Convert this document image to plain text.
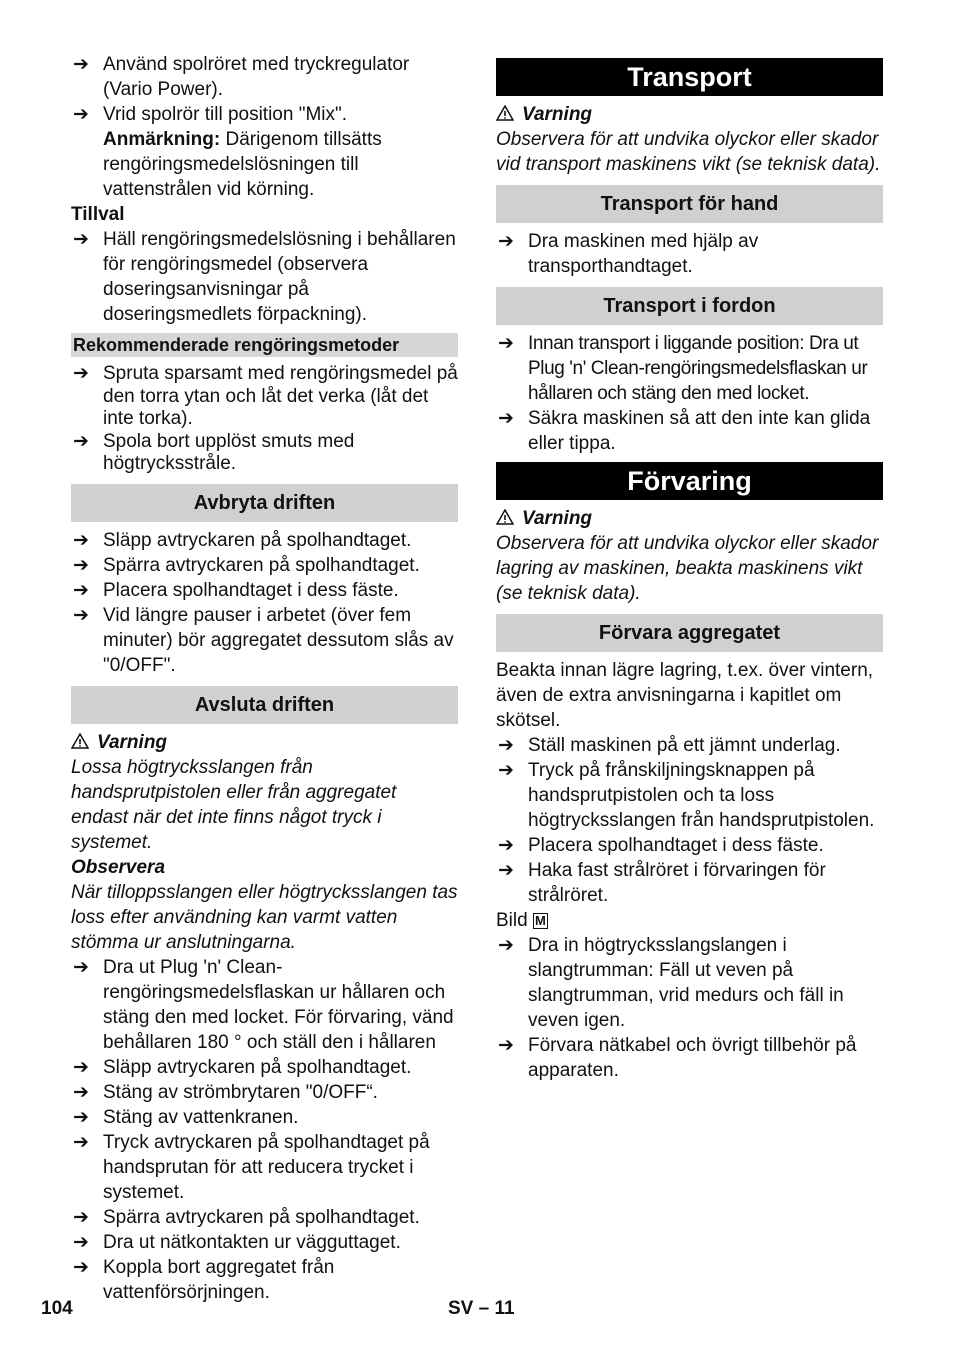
➔ Använd spolröret med tryckregulator (Vario Power).
➔ Vrid spolrör till position "Mix".
Anmärkning: Därigenom tillsätts rengöringsmedelslösningen till vattenstrålen vid körning.
Tillval
➔ Häll rengöringsmedelslösning i behållaren för rengöringsmedel (observera doseringsanvisningar på doseringsmedlets förpackning).
Rekommenderade rengöringsmetoder
➔ Spruta sparsamt med rengöringsmedel på den torra ytan och låt det verka (låt det inte torka).
➔ Spola bort upplöst smuts med högtrycksstråle.
Avbryta driften
➔ Släpp avtryckaren på spolhandtaget.
➔ Spärra avtryckaren på spolhandtaget.
➔ Placera spolhandtaget i dess fäste.
➔ Vid längre pauser i arbetet (över fem minuter) bör aggregatet dessutom slås av "0/OFF".
Avsluta driften
Varning
Lossa högtrycksslangen från handsprutpistolen eller från aggregatet endast när det inte finns något tryck i systemet.
Observera
När tilloppsslangen eller högtrycksslangen tas loss efter användning kan varmt vatten stömma ur anslutningarna.
➔ Dra ut Plug 'n' Clean-rengöringsmedelsflaskan ur hållaren och stäng den med locket. För förvaring, vänd behållaren 180 ° och ställ den i hållaren
➔ Släpp avtryckaren på spolhandtaget.
➔ Stäng av strömbrytaren "0/OFF“.
➔ Stäng av vattenkranen.
➔ Tryck avtryckaren på spolhandtaget på handsprutan för att reducera trycket i systemet.
➔ Spärra avtryckaren på spolhandtaget.
➔ Dra ut nätkontakten ur vägguttaget.
➔ Koppla bort aggregatet från vattenförsörjningen.
Transport
Varning
Observera för att undvika olyckor eller skador vid transport maskinens vikt (se teknisk data).
Transport för hand
➔ Dra maskinen med hjälp av transporthandtaget.
Transport i fordon
➔ Innan transport i liggande position: Dra ut Plug 'n' Clean-rengöringsmedelsflaskan ur hållaren och stäng den med locket.
➔ Säkra maskinen så att den inte kan glida eller tippa.
Förvaring
Varning
Observera för att undvika olyckor eller skador lagring av maskinen, beakta maskinens vikt (se teknisk data).
Förvara aggregatet
Beakta innan lägre lagring, t.ex. över vintern, även de extra anvisningarna i kapitlet om skötsel.
➔ Ställ maskinen på ett jämnt underlag.
➔ Tryck på frånskiljningsknappen på handsprutpistolen och ta loss högtrycksslangen från handsprutpistolen.
➔ Placera spolhandtaget i dess fäste.
➔ Haka fast strålröret i förvaringen för strålröret.
Bild M
➔ Dra in högtrycksslangslangen i slangtrumman: Fäll ut veven på slangtrumman, vrid medurs och fäll in veven igen.
➔ Förvara nätkabel och övrigt tillbehör på apparaten.
104	SV – 11
